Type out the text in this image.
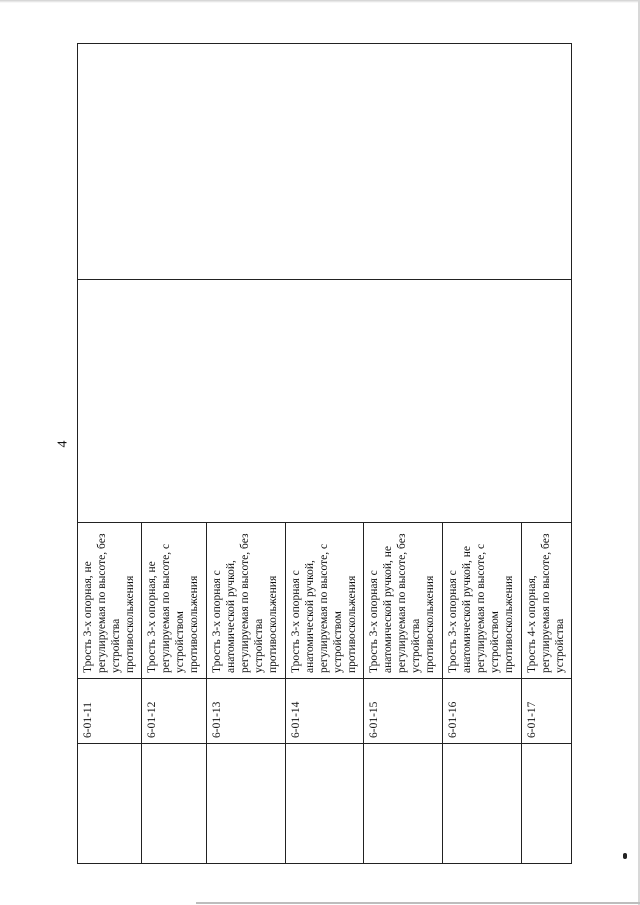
4
	6-01-11	Трость 3-х опорная, не регулируемая по высоте, без устройства противоскольжения		
	6-01-12	Трость 3-х опорная, не регулируемая по высоте, с устройством противоскольжения		
	6-01-13	Трость 3-х опорная с анатомической ручкой, регулируемая по высоте, без устройства противоскольжения		
	6-01-14	Трость 3-х опорная с анатомической ручкой, регулируемая по высоте, с устройством противоскольжения		
	6-01-15	Трость 3-х опорная с анатомической ручкой, не регулируемая по высоте, без устройства противоскольжения		
	6-01-16	Трость 3-х опорная с анатомической ручкой, не регулируемая по высоте, с устройством противоскольжения		
	6-01-17	Трость 4-х опорная, регулируемая по высоте, без устройства		
